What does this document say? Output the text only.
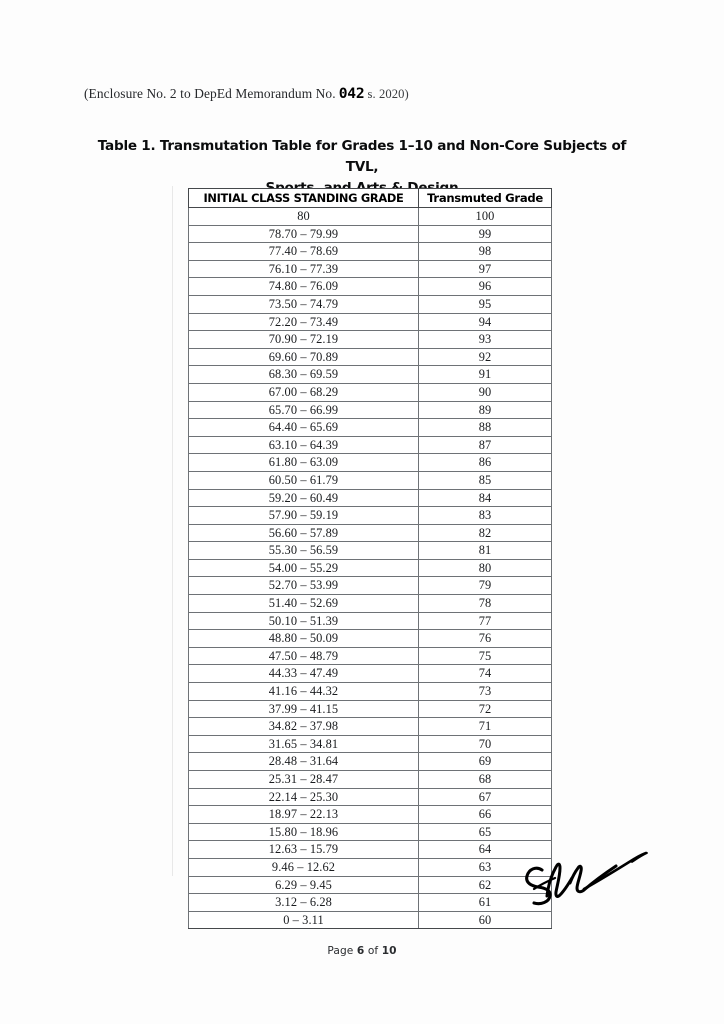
(Enclosure No. 2 to DepEd Memorandum No. 042 s. 2020)
Table 1. Transmutation Table for Grades 1–10 and Non-Core Subjects of TVL,

INITIAL CLASS STANDING GRADE	Transmuted Grade
80	100
78.70 – 79.99	99
77.40 – 78.69	98
76.10 – 77.39	97
74.80 – 76.09	96
73.50 – 74.79	95
72.20 – 73.49	94
70.90 – 72.19	93
69.60 – 70.89	92
68.30 – 69.59	91
67.00 – 68.29	90
65.70 – 66.99	89
64.40 – 65.69	88
63.10 – 64.39	87
61.80 – 63.09	86
60.50 – 61.79	85
59.20 – 60.49	84
57.90 – 59.19	83
56.60 – 57.89	82
55.30 – 56.59	81
54.00 – 55.29	80
52.70 – 53.99	79
51.40 – 52.69	78
50.10 – 51.39	77
48.80 – 50.09	76
47.50 – 48.79	75
44.33 – 47.49	74
41.16 – 44.32	73
37.99 – 41.15	72
34.82 – 37.98	71
31.65 – 34.81	70
28.48 – 31.64	69
25.31 – 28.47	68
22.14 – 25.30	67
18.97 – 22.13	66
15.80 – 18.96	65
12.63 – 15.79	64
9.46 – 12.62	63
6.29 – 9.45	62
3.12 – 6.28	61
0 – 3.11	60
Page 6 of 10
